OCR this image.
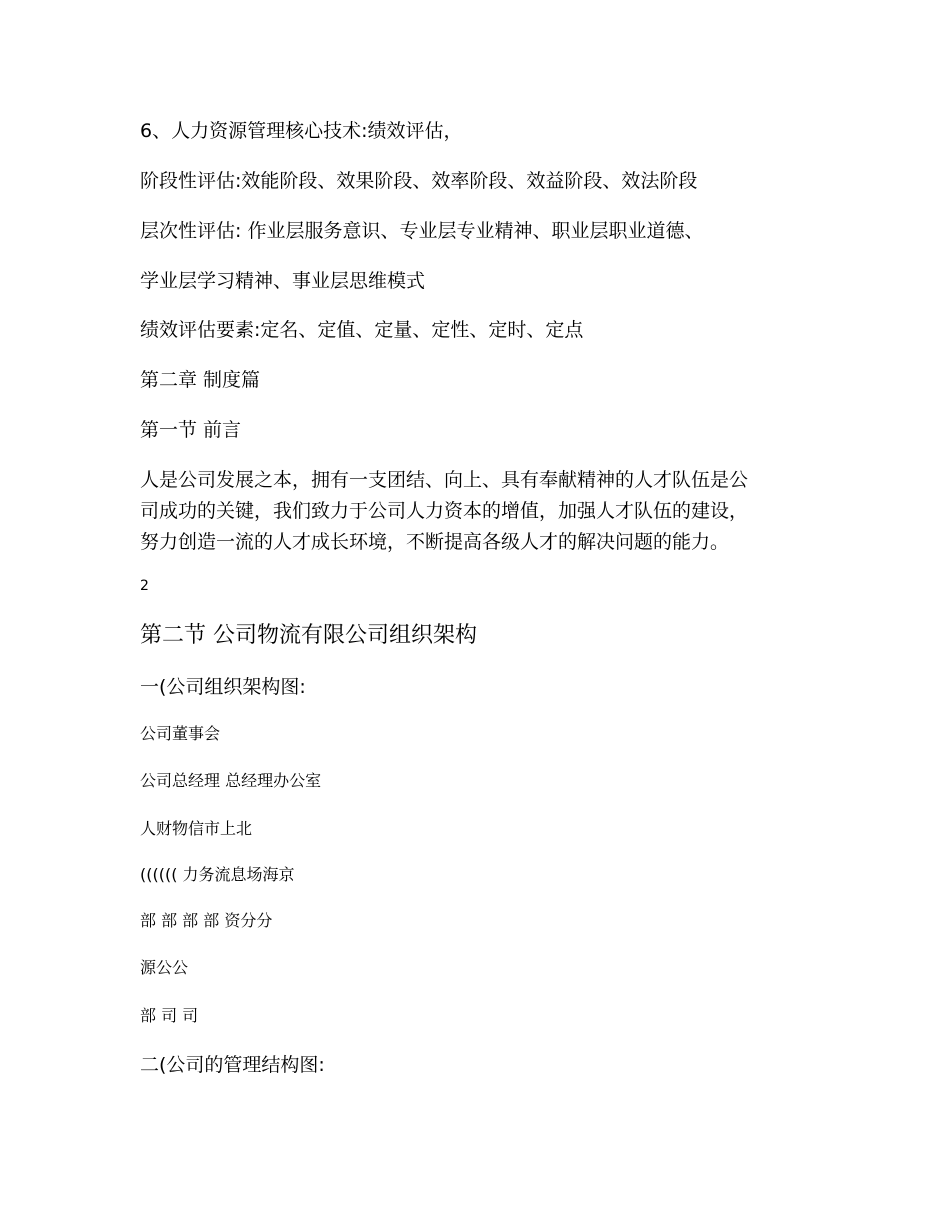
6、人力资源管理核心技术:绩效评估，
阶段性评估:效能阶段、效果阶段、效率阶段、效益阶段、效法阶段
层次性评估: 作业层服务意识、专业层专业精神、职业层职业道德、
学业层学习精神、事业层思维模式
绩效评估要素:定名、定值、定量、定性、定时、定点
第二章 制度篇
第一节 前言
人是公司发展之本，拥有一支团结、向上、具有奉献精神的人才队伍是公
司成功的关键，我们致力于公司人力资本的增值，加强人才队伍的建设，
努力创造一流的人才成长环境，不断提高各级人才的解决问题的能力。
2
第二节 公司物流有限公司组织架构
一(公司组织架构图:
公司董事会
公司总经理 总经理办公室
人财物信市上北
(((((( 力务流息场海京
部 部 部 部 资分分
源公公
部 司 司
二(公司的管理结构图:
